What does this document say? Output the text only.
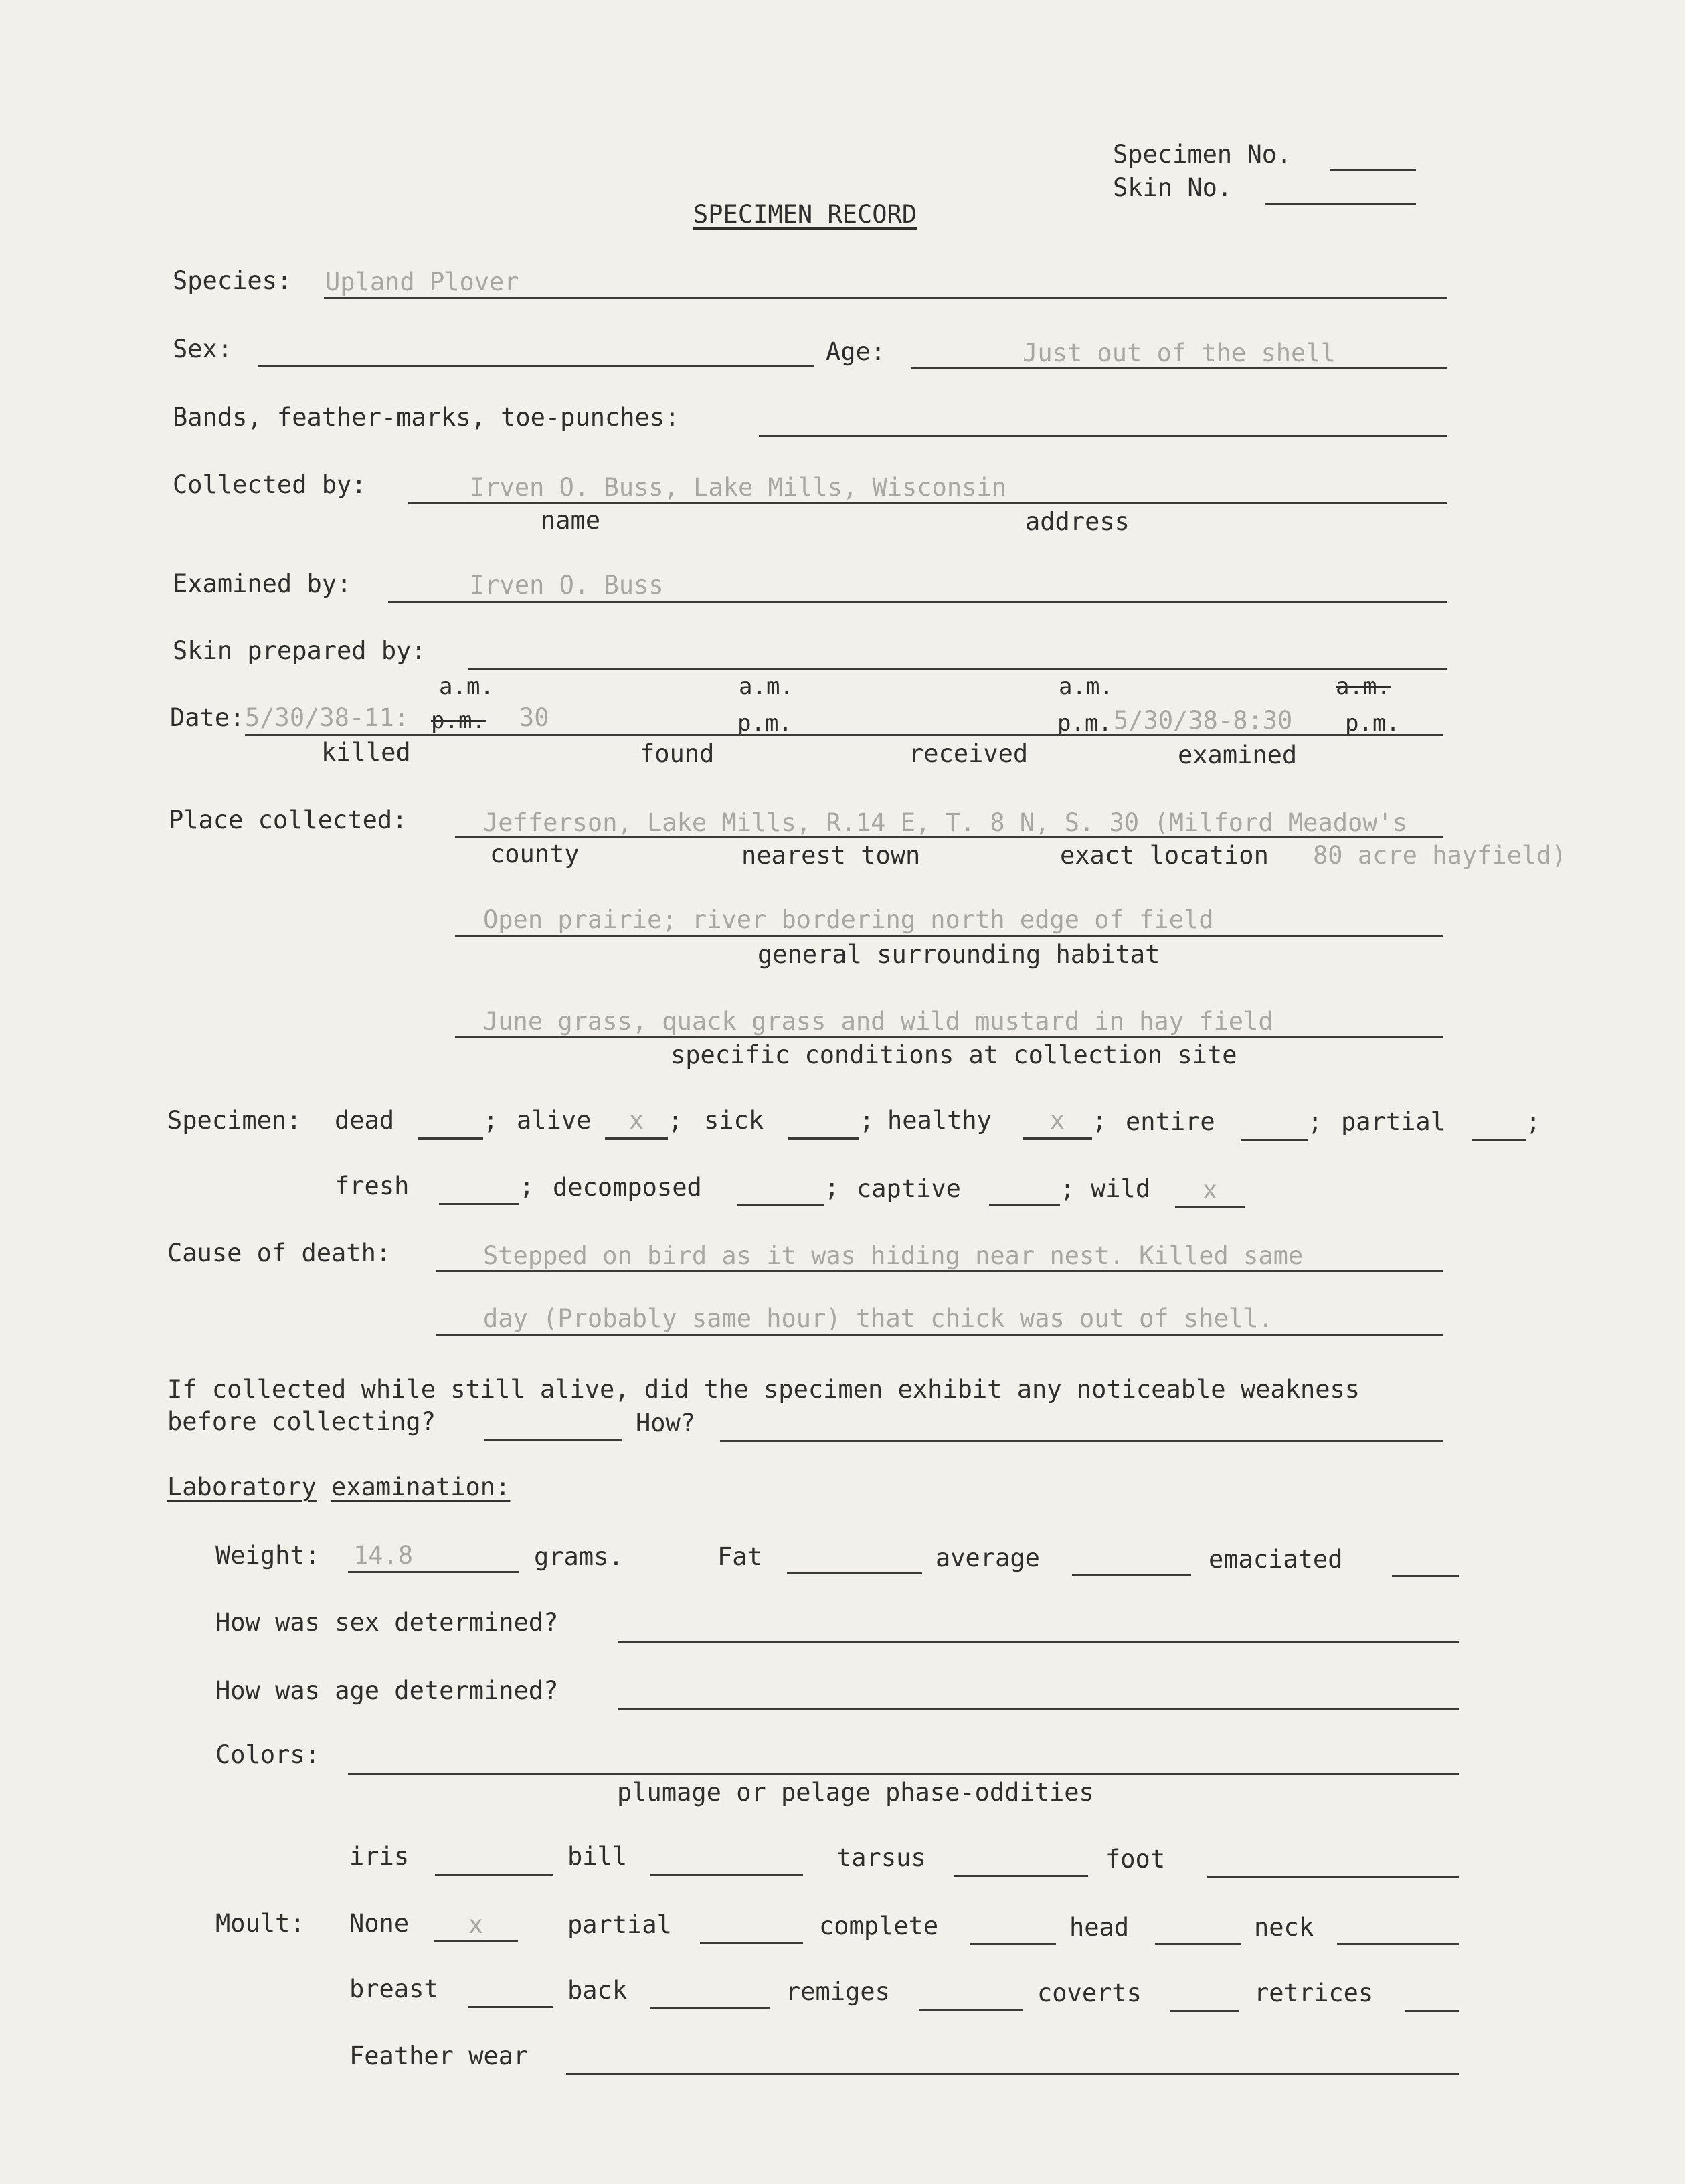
Specimen No.
Skin No.
SPECIMEN RECORD
Species: Upland Plover
Sex:	Age:	Just out of the shell
Bands, feather-marks, toe-punches:
Collected by:	Irven O. Buss, Lake Mills, Wisconsin
name	address
Examined by:	Irven O. Buss
Skin prepared by:
a.m.	a.m.	a.m.	a.m.
Date: 5/30/38-11: p.m. 30	p.m.	p.m. 5/30/38-8:30 p.m.
killed	found	received	examined
Place collected:	Jefferson, Lake Mills, R.14 E, T. 8 N, S. 30 (Milford Meadow's
county	nearest town	exact location 80 acre hayfield)
Open prairie; river bordering north edge of field
general surrounding habitat
June grass, quack grass and wild mustard in hay field
specific conditions at collection site
Specimen: dead	; alive	x ; sick	; healthy	x	; entire	; partial	;
fresh	; decomposed	; captive	; wild	x
Cause of death:	Stepped on bird as it was hiding near nest. Killed same
day (Probably same hour) that chick was out of shell.
If collected while still alive, did the specimen exhibit any noticeable weakness
before collecting?	How?
Laboratory examination:
Weight: 14.8	grams.	Fat	average	emaciated
How was sex determined?
How was age determined?
Colors:
plumage or pelage phase-oddities
iris	bill	tarsus	foot
Moult: None	x	partial	complete	head	neck
breast	back	remiges	coverts	retrices
Feather wear
